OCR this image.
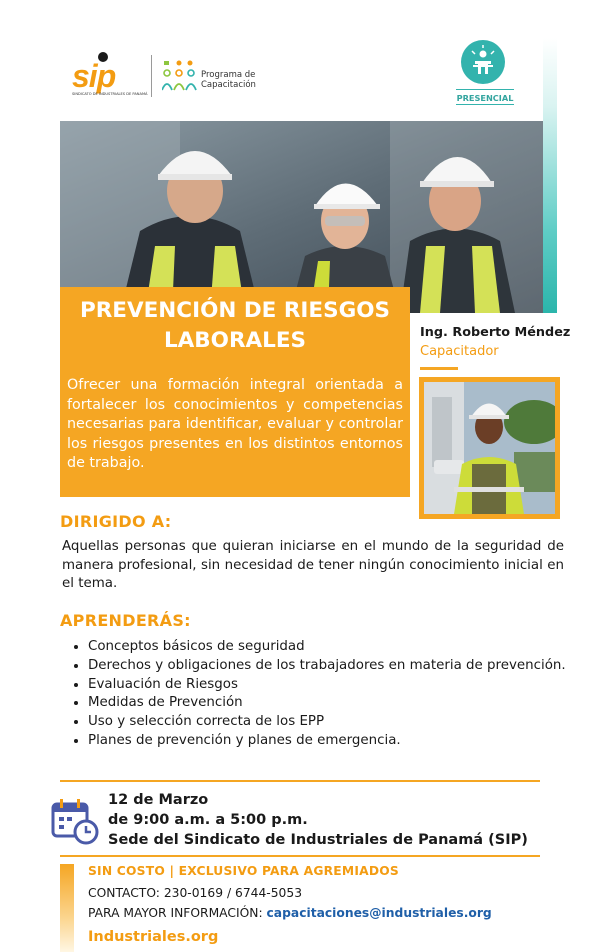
sip
SINDICATO DE INDUSTRIALES DE PANAMÁ
Programa de Capacitación
PRESENCIAL
PREVENCIÓN DE RIESGOS LABORALES
Ofrecer una formación integral orientada a fortalecer los conocimientos y competencias necesarias para identificar, evaluar y controlar los riesgos presentes en los distintos entornos de trabajo.
Ing. Roberto Méndez
Capacitador
DIRIGIDO A:
Aquellas personas que quieran iniciarse en el mundo de la seguridad de manera profesional, sin necesidad de tener ningún conocimiento inicial en el tema.
APRENDERÁS:
• Conceptos básicos de seguridad
• Derechos y obligaciones de los trabajadores en materia de prevención.
• Evaluación de Riesgos
• Medidas de Prevención
• Uso y selección correcta de los EPP
• Planes de prevención y planes de emergencia.
12 de Marzo
de 9:00 a.m. a 5:00 p.m.
Sede del Sindicato de Industriales de Panamá (SIP)
SIN COSTO | EXCLUSIVO PARA AGREMIADOS
CONTACTO: 230-0169 / 6744-5053
PARA MAYOR INFORMACIÓN: capacitaciones@industriales.org
Industriales.org
